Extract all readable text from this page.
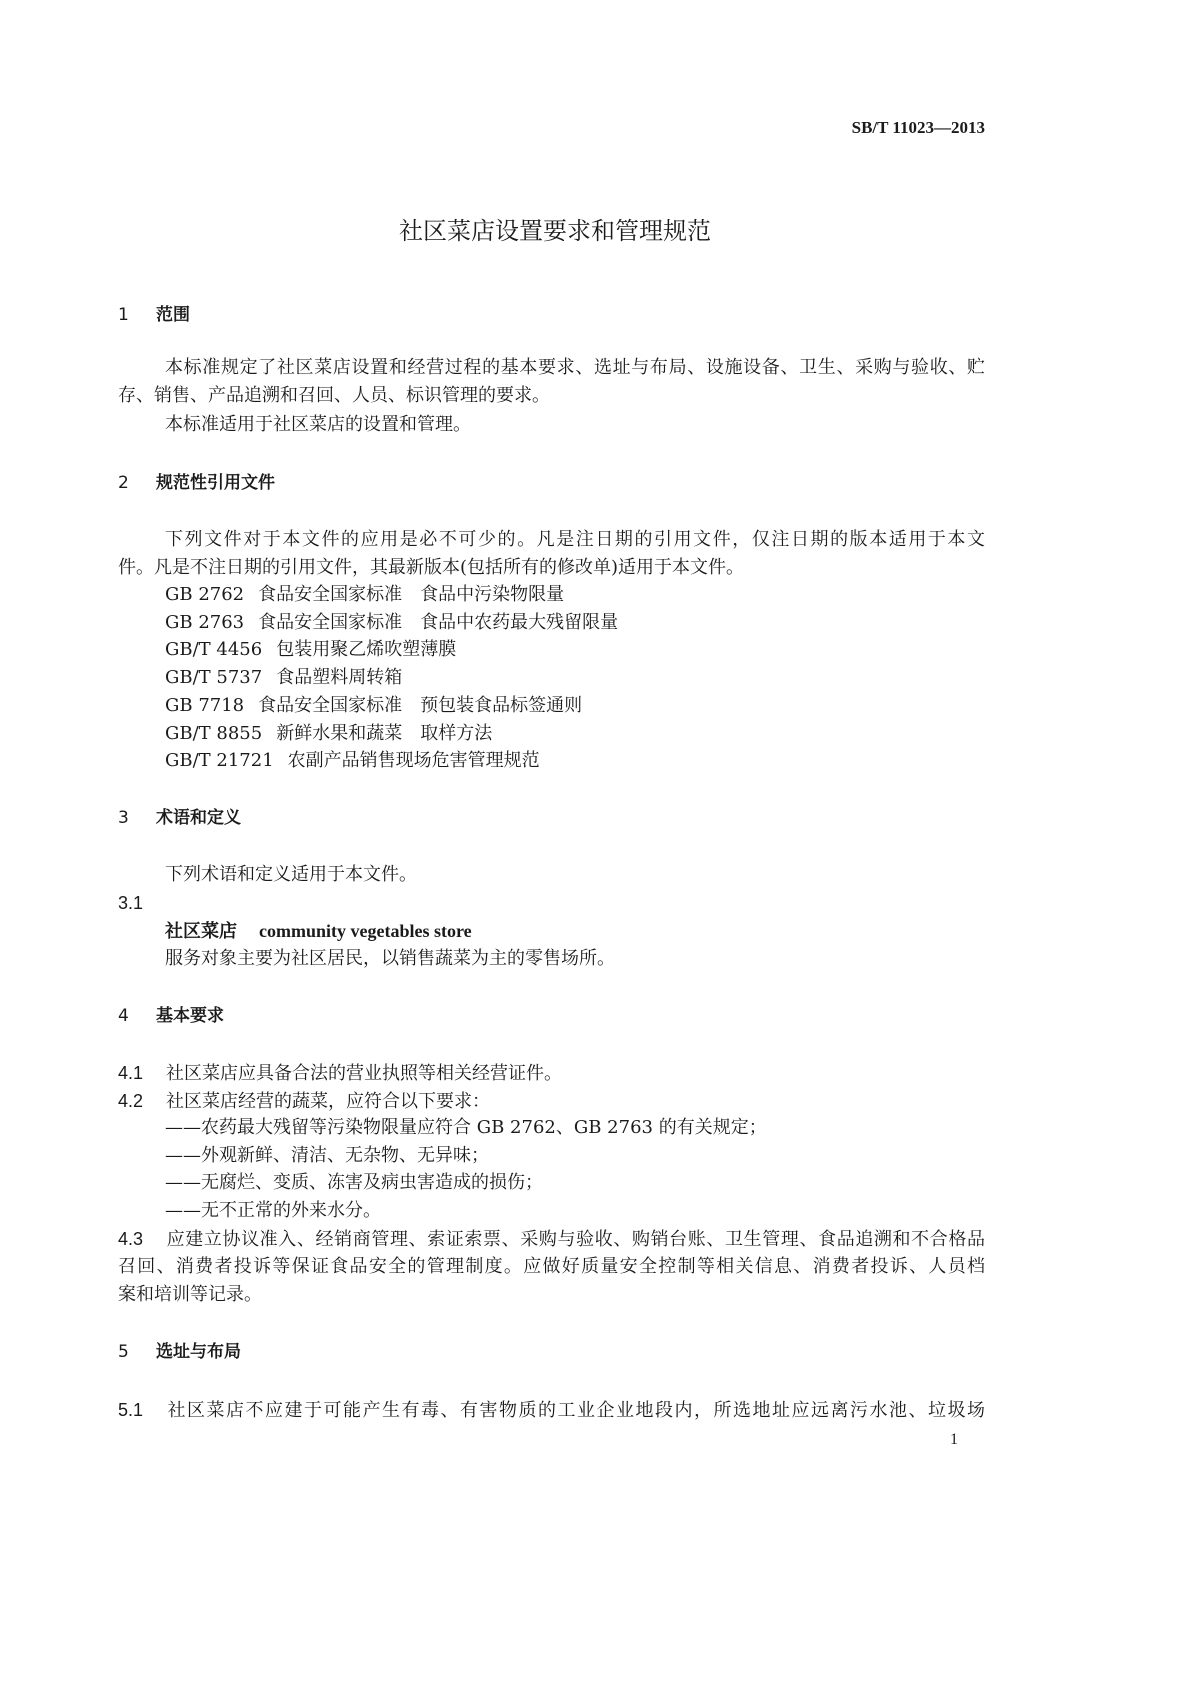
SB/T 11023—2013
社区菜店设置要求和管理规范
1 范围
本标准规定了社区菜店设置和经营过程的基本要求、选址与布局、设施设备、卫生、采购与验收、贮
存、销售、产品追溯和召回、人员、标识管理的要求。
本标准适用于社区菜店的设置和管理。
2 规范性引用文件
下列文件对于本文件的应用是必不可少的。凡是注日期的引用文件，仅注日期的版本适用于本文
件。凡是不注日期的引用文件，其最新版本(包括所有的修改单)适用于本文件。
GB 2762 食品安全国家标准　食品中污染物限量
GB 2763 食品安全国家标准　食品中农药最大残留限量
GB/T 4456 包装用聚乙烯吹塑薄膜
GB/T 5737 食品塑料周转箱
GB 7718 食品安全国家标准　预包装食品标签通则
GB/T 8855 新鲜水果和蔬菜　取样方法
GB/T 21721 农副产品销售现场危害管理规范
3 术语和定义
下列术语和定义适用于本文件。
3.1
社区菜店 community vegetables store
服务对象主要为社区居民，以销售蔬菜为主的零售场所。
4 基本要求
4.1 社区菜店应具备合法的营业执照等相关经营证件。
4.2 社区菜店经营的蔬菜，应符合以下要求：
——农药最大残留等污染物限量应符合 GB 2762、GB 2763 的有关规定；
——外观新鲜、清洁、无杂物、无异味；
——无腐烂、变质、冻害及病虫害造成的损伤；
——无不正常的外来水分。
4.3 应建立协议准入、经销商管理、索证索票、采购与验收、购销台账、卫生管理、食品追溯和不合格品
召回、消费者投诉等保证食品安全的管理制度。应做好质量安全控制等相关信息、消费者投诉、人员档
案和培训等记录。
5 选址与布局
5.1 社区菜店不应建于可能产生有毒、有害物质的工业企业地段内，所选地址应远离污水池、垃圾场
1
